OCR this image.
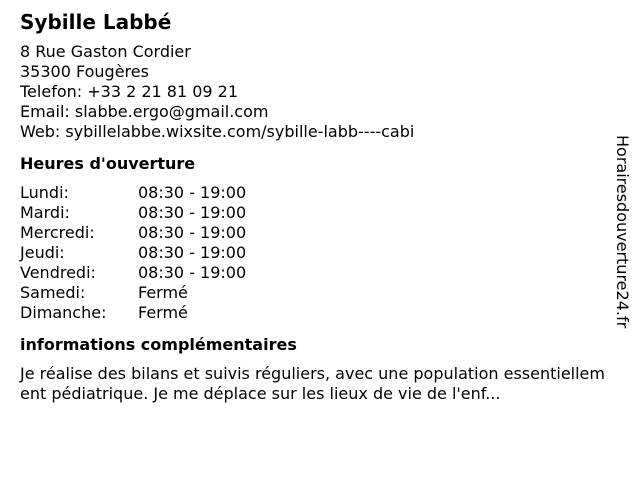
Sybille Labbé
8 Rue Gaston Cordier
35300 Fougères
Telefon: +33 2 21 81 09 21
Email: slabbe.ergo@gmail.com
Web: sybillelabbe.wixsite.com/sybille-labb----cabi
Heures d'ouverture
Lundi:	08:30 - 19:00
Mardi:	08:30 - 19:00
Mercredi:	08:30 - 19:00
Jeudi:	08:30 - 19:00
Vendredi:	08:30 - 19:00
Samedi:	Fermé
Dimanche: Fermé
informations complémentaires
Je réalise des bilans et suivis réguliers, avec une population essentiellement pédiatrique. Je me déplace sur les lieux de vie de l'enf...
Horairesdouverture24.fr
